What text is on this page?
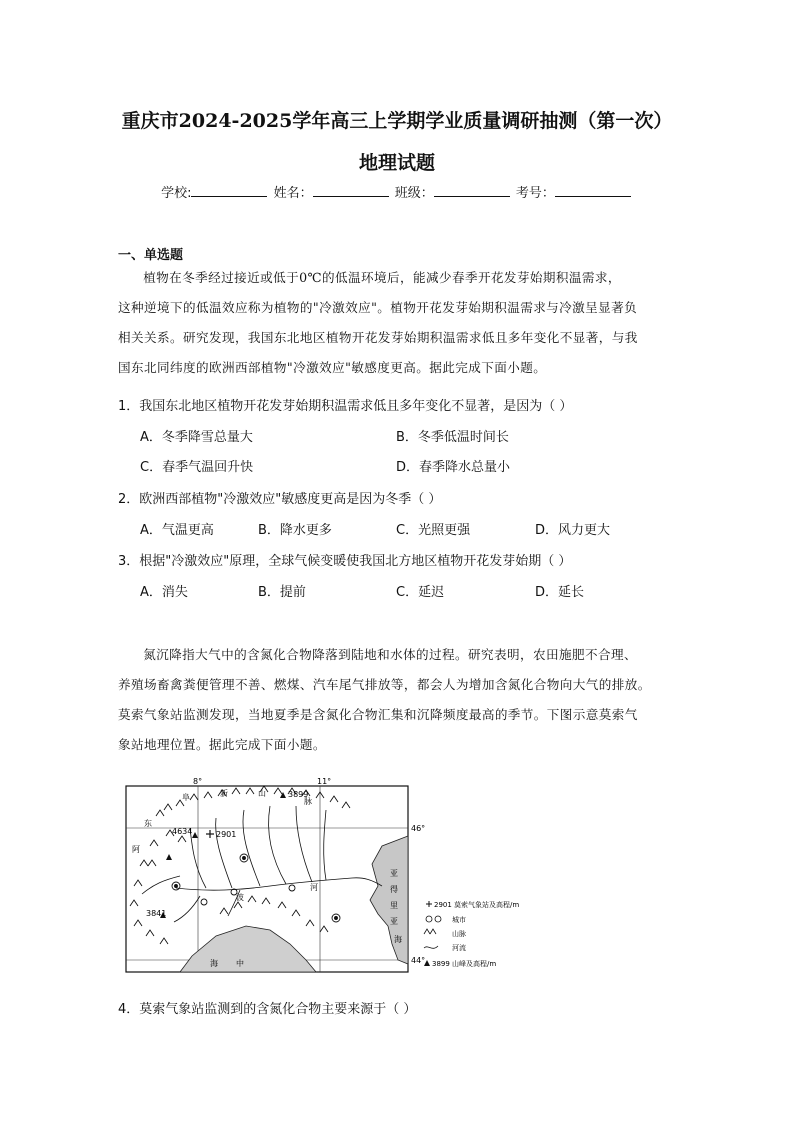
重庆市2024-2025学年高三上学期学业质量调研抽测（第一次）
地理试题
学校:	姓名：	班级：	考号：
一、单选题

植物在冬季经过接近或低于0℃的低温环境后，能减少春季开花发芽始期积温需求，

这种逆境下的低温效应称为植物的"冷激效应"。植物开花发芽始期积温需求与冷激呈显著负

相关关系。研究发现，我国东北地区植物开花发芽始期积温需求低且多年变化不显著，与我

国东北同纬度的欧洲西部植物"冷激效应"敏感度更高。据此完成下面小题。

1．我国东北地区植物开花发芽始期积温需求低且多年变化不显著，是因为（ ）
A．冬季降雪总量大	B．冬季低温时间长
C．春季气温回升快	D．春季降水总量小
2．欧洲西部植物"冷激效应"敏感度更高是因为冬季（ ）
A．气温更高	B．降水更多	C．光照更强	D．风力更大
3．根据"冷激效应"原理，全球气候变暖使我国北方地区植物开花发芽始期（ ）
A．消失	B．提前	C．延迟	D．延长

氮沉降指大气中的含氮化合物降落到陆地和水体的过程。研究表明，农田施肥不合理、

养殖场畜禽粪便管理不善、燃煤、汽车尾气排放等，都会人为增加含氮化合物向大气的排放。

莫索气象站监测发现，当地夏季是含氮化合物汇集和沉降频度最高的季节。下图示意莫索气

象站地理位置。据此完成下面小题。

8°	11°
46°
44°
2901
3899
4634
3841
阜	新	山
脉
东
阿
波
河
海 中
亚
得
里
亚
海
2901 莫索气象站及高程/m
城市
山脉
河流
3899 山峰及高程/m
4．莫索气象站监测到的含氮化合物主要来源于（ ）
